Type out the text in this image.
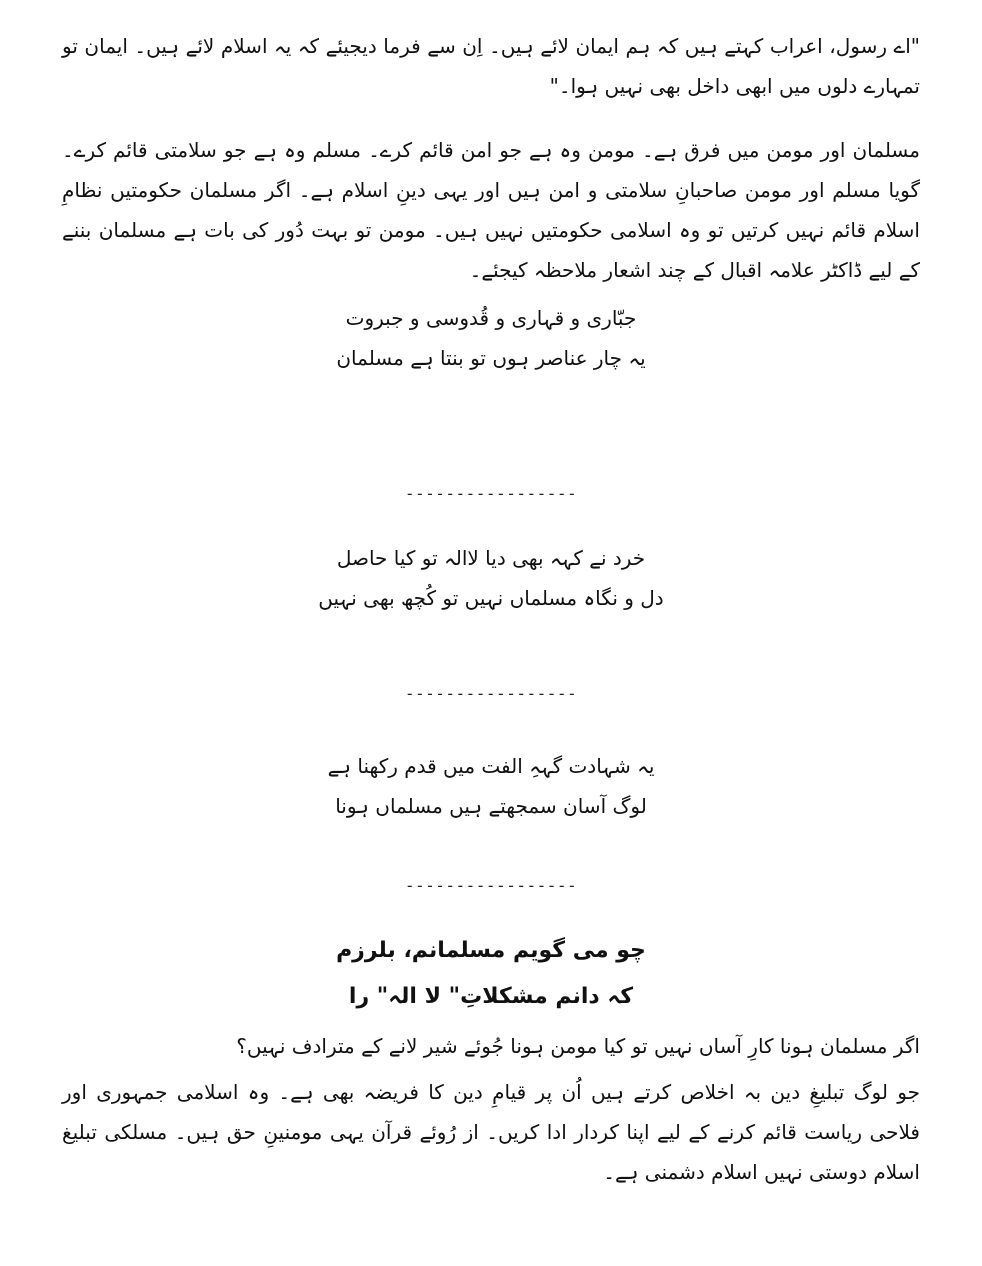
"اے رسول، اعراب کہتے ہیں کہ ہم ایمان لائے ہیں۔ اِن سے فرما دیجیئے کہ یہ اسلام لائے ہیں۔ ایمان تو تمہارے دلوں میں ابھی داخل بھی نہیں ہوا۔"

مسلمان اور مومن میں فرق ہے۔ مومن وہ ہے جو امن قائم کرے۔ مسلم وہ ہے جو سلامتی قائم کرے۔ گویا مسلم اور مومن صاحبانِ سلامتی و امن ہیں اور یہی دینِ اسلام ہے۔ اگر مسلمان حکومتیں نظامِ اسلام قائم نہیں کرتیں تو وہ اسلامی حکومتیں نہیں ہیں۔ مومن تو بہت دُور کی بات ہے مسلمان بننے کے لیے ڈاکٹر علامہ اقبال کے چند اشعار ملاحظہ کیجئے۔

جبّاری و قہاری و قُدوسی و جبروت
یہ چار عناصر ہوں تو بنتا ہے مسلمان
-----------------
خرد نے کہہ بھی دیا لاالہ تو کیا حاصل
دل و نگاہ مسلماں نہیں تو کُچھ بھی نہیں
-----------------
یہ شہادت گہہِ الفت میں قدم رکھنا ہے
لوگ آسان سمجھتے ہیں مسلماں ہونا
-----------------
چو می گویم مسلمانم، بلرزم
کہ دانم مشکلاتِ" لا الہ" را

اگر مسلمان ہونا کارِ آساں نہیں تو کیا مومن ہونا جُوئے شیر لانے کے مترادف نہیں؟

جو لوگ تبلیغِ دین بہ اخلاص کرتے ہیں اُن پر قیامِ دین کا فریضہ بھی ہے۔ وہ اسلامی جمہوری اور فلاحی ریاست قائم کرنے کے لیے اپنا کردار ادا کریں۔ از رُوئے قرآن یہی مومنینِ حق ہیں۔ مسلکی تبلیغ اسلام دوستی نہیں اسلام دشمنی ہے۔
